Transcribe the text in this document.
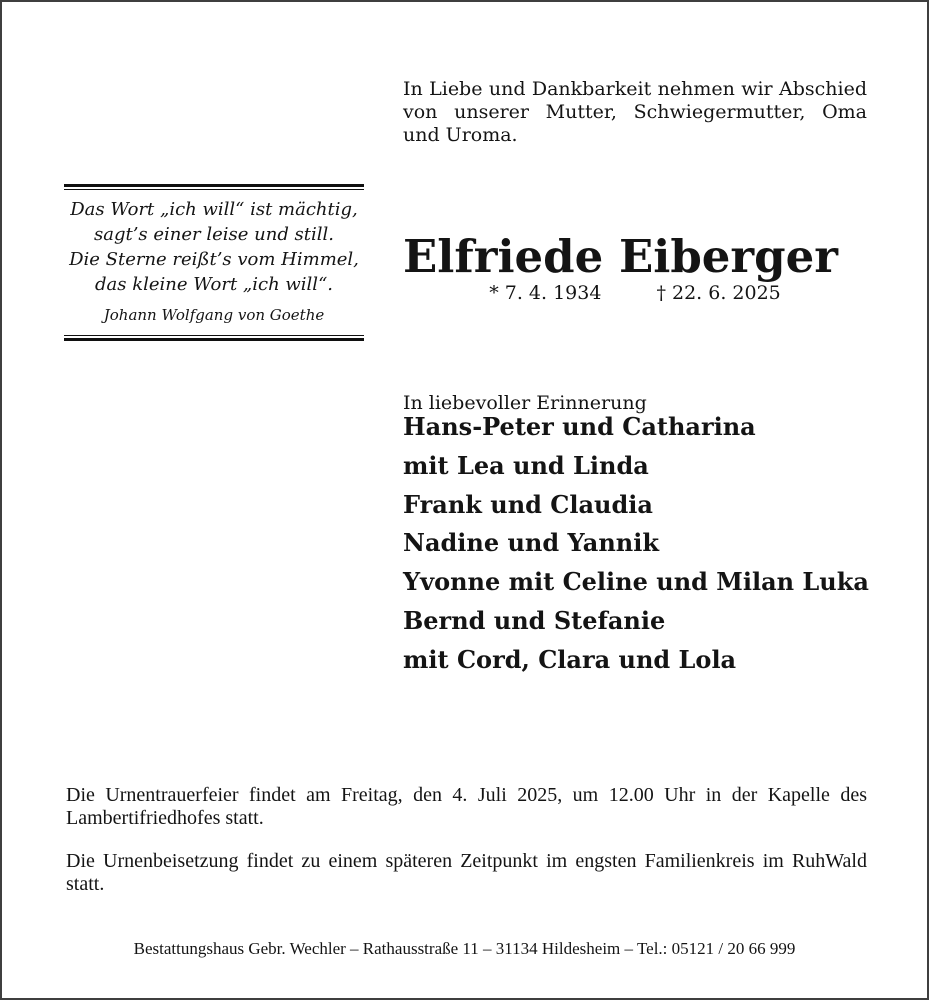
In Liebe und Dankbarkeit nehmen wir Abschied von unserer Mutter, Schwiegermutter, Oma und Uroma.

Das Wort „ich will“ ist mächtig,
sagt’s einer leise und still.
Die Sterne reißt’s vom Himmel,
das kleine Wort „ich will“.
Johann Wolfgang von Goethe
Elfriede Eiberger
* 7. 4. 1934	† 22. 6. 2025

In liebevoller Erinnerung

Hans-Peter und Catharina
mit Lea und Linda
Frank und Claudia
Nadine und Yannik
Yvonne mit Celine und Milan Luka
Bernd und Stefanie
mit Cord, Clara und Lola

Die Urnentrauerfeier findet am Freitag, den 4. Juli 2025, um 12.00 Uhr in der Kapelle des Lambertifriedhofes statt.

Die Urnenbeisetzung findet zu einem späteren Zeitpunkt im engsten Familienkreis im RuhWald statt.

Bestattungshaus Gebr. Wechler – Rathausstraße 11 – 31134 Hildesheim – Tel.: 05121 / 20 66 999
